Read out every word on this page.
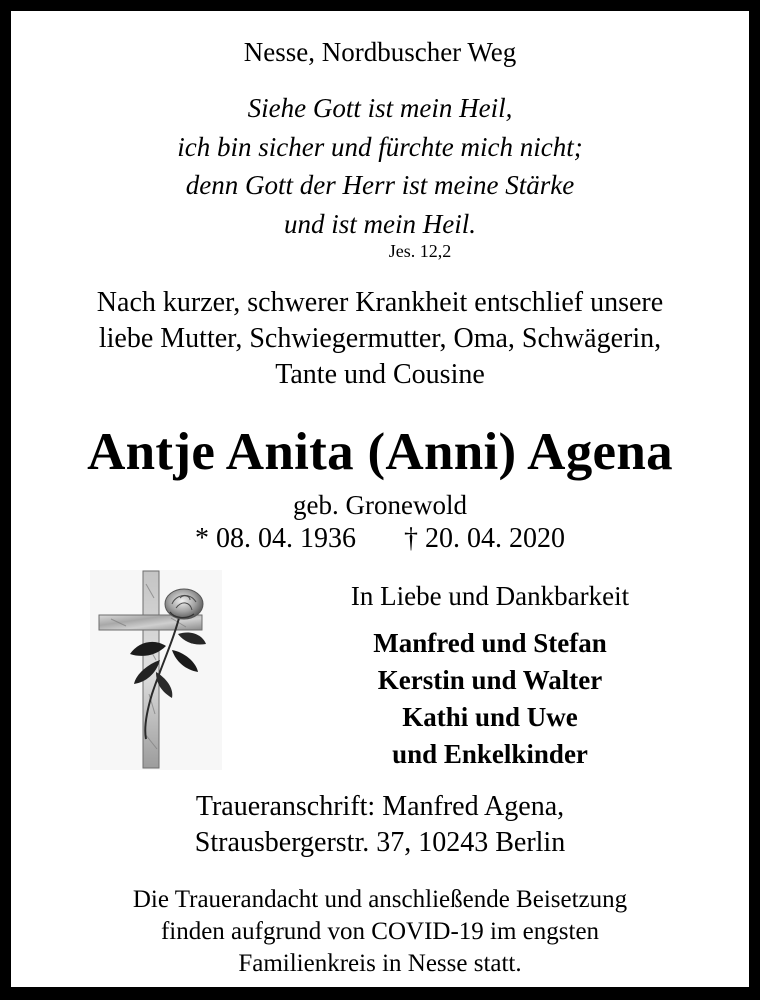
Nesse, Nordbuscher Weg
Siehe Gott ist mein Heil,
ich bin sicher und fürchte mich nicht;
denn Gott der Herr ist meine Stärke
und ist mein Heil.
Jes. 12,2
Nach kurzer, schwerer Krankheit entschlief unsere
liebe Mutter, Schwiegermutter, Oma, Schwägerin,
Tante und Cousine
Antje Anita (Anni) Agena
geb. Gronewold
* 08. 04. 1936 † 20. 04. 2020
In Liebe und Dankbarkeit
Manfred und Stefan
Kerstin und Walter
Kathi und Uwe
und Enkelkinder
Traueranschrift: Manfred Agena,
Strausbergerstr. 37, 10243 Berlin
Die Trauerandacht und anschließende Beisetzung
finden aufgrund von COVID-19 im engsten
Familienkreis in Nesse statt.
